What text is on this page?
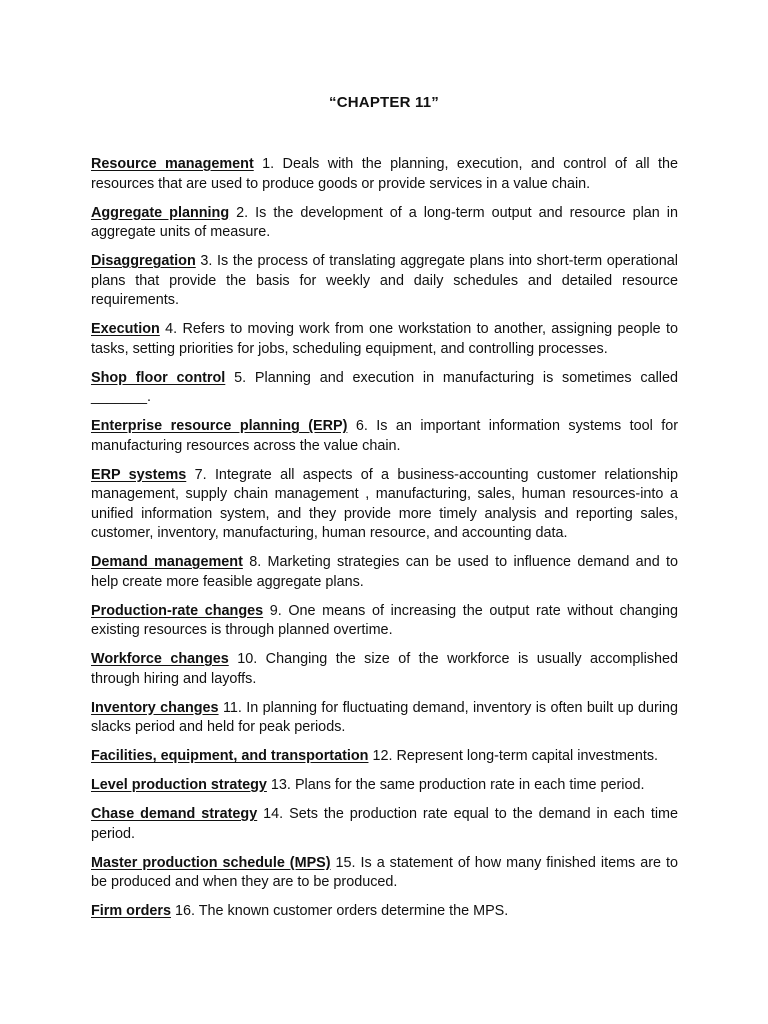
“CHAPTER 11”

Resource management 1. Deals with the planning, execution, and control of all the resources that are used to produce goods or provide services in a value chain.

Aggregate planning 2. Is the development of a long-term output and resource plan in aggregate units of measure.

Disaggregation 3. Is the process of translating aggregate plans into short-term operational plans that provide the basis for weekly and daily schedules and detailed resource requirements.

Execution 4. Refers to moving work from one workstation to another, assigning people to tasks, setting priorities for jobs, scheduling equipment, and controlling processes.

Shop floor control 5. Planning and execution in manufacturing is sometimes called _______.

Enterprise resource planning (ERP) 6. Is an important information systems tool for manufacturing resources across the value chain.

ERP systems 7. Integrate all aspects of a business-accounting customer relationship management, supply chain management , manufacturing, sales, human resources-into a unified information system, and they provide more timely analysis and reporting sales, customer, inventory, manufacturing, human resource, and accounting data.

Demand management 8. Marketing strategies can be used to influence demand and to help create more feasible aggregate plans.

Production-rate changes 9. One means of increasing the output rate without changing existing resources is through planned overtime.

Workforce changes 10. Changing the size of the workforce is usually accomplished through hiring and layoffs.

Inventory changes 11. In planning for fluctuating demand, inventory is often built up during slacks period and held for peak periods.

Facilities, equipment, and transportation 12. Represent long-term capital investments.

Level production strategy 13. Plans for the same production rate in each time period.

Chase demand strategy 14. Sets the production rate equal to the demand in each time period.

Master production schedule (MPS) 15. Is a statement of how many finished items are to be produced and when they are to be produced.

Firm orders 16. The known customer orders determine the MPS.
